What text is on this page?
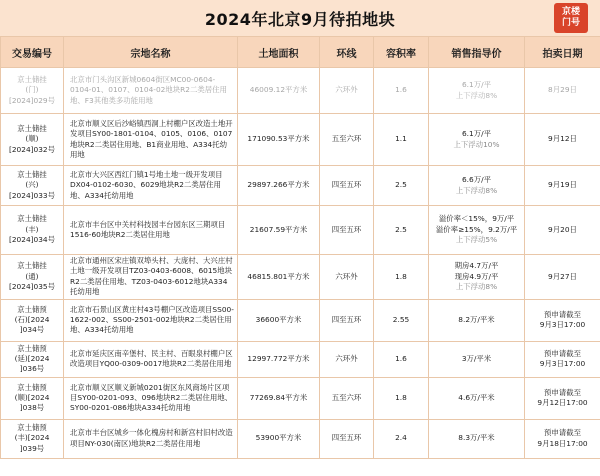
2024年北京9月待拍地块	京楼
门号
交易编号	宗地名称	土地面积	环线	容积率	销售指导价	拍卖日期

京土储挂
(门)
[2024]029号	北京市门头沟区新城0604街区MC00-0604-0104-01、0107、0104-02地块R2二类居住用地、F3其他类多功能用地	46009.12平方米	六环外	1.6	6.1万/平
上下浮动8%	8月29日

京土储挂
(顺)
[2024]032号	北京市顺义区后沙峪镇西洞上村棚户区改造土地开发项目SY00-1801-0104、0105、0106、0107地块R2二类居住用地、B1商业用地、A334托幼用地	171090.53平方米	五至六环	1.1	6.1万/平
上下浮动10%	9月12日

京土储挂
(兴)
[2024]033号	北京市大兴区西红门镇1号地土地一级开发项目DX04-0102-6030、6029地块R2二类居住用地、A334托幼用地	29897.266平方米	四至五环	2.5	6.6万/平
上下浮动8%	9月19日

京土储挂
(丰)
[2024]034号	北京市丰台区中关村科技园丰台园东区三期项目1516-60地块R2二类居住用地	21607.59平方米	四至五环	2.5	溢价率＜15%，9万/平
溢价率≥15%，9.2万/平
上下浮动5%	9月20日

京土储挂
(通)
[2024]035号	北京市通州区宋庄镇双埠头村、大庞村、大兴庄村土地一级开发项目TZ03-0403-6008、6015地块R2二类居住用地、TZ03-0403-6012地块A334托幼用地	46815.801平方米	六环外	1.8	期房4.7万/平
现房4.9万/平
上下浮动8%	9月27日

京土储预
(石)[2024
]034号	北京市石景山区黄庄村43号棚户区改造项目SS00-1622-002、SS00-2501-002地块R2二类居住用地、A334托幼用地	36600平方米	四至五环	2.55	8.2万/平米	预申请截至
9月3日17:00

京土储预
(延)[2024
]036号	北京市延庆区南辛堡村、民主村、百眼泉村棚户区改造项目YQ00-0309-0017地块R2二类居住用地	12997.772平方米	六环外	1.6	3万/平米	预申请截至
9月3日17:00

京土储预
(顺)[2024
]038号	北京市顺义区顺义新城0201街区东风商场片区项目SY00-0201-093、096地块R2二类居住用地、SY00-0201-086地块A334托幼用地	77269.84平方米	五至六环	1.8	4.6万/平米	预申请截至
9月12日17:00

京土储预
(丰)[2024
]039号	北京市丰台区城乡一体化槐房村和新宫村旧村改造项目NY-030(南区)地块R2二类居住用地	53900平方米	四至五环	2.4	8.3万/平米	预申请截至
9月18日17:00
